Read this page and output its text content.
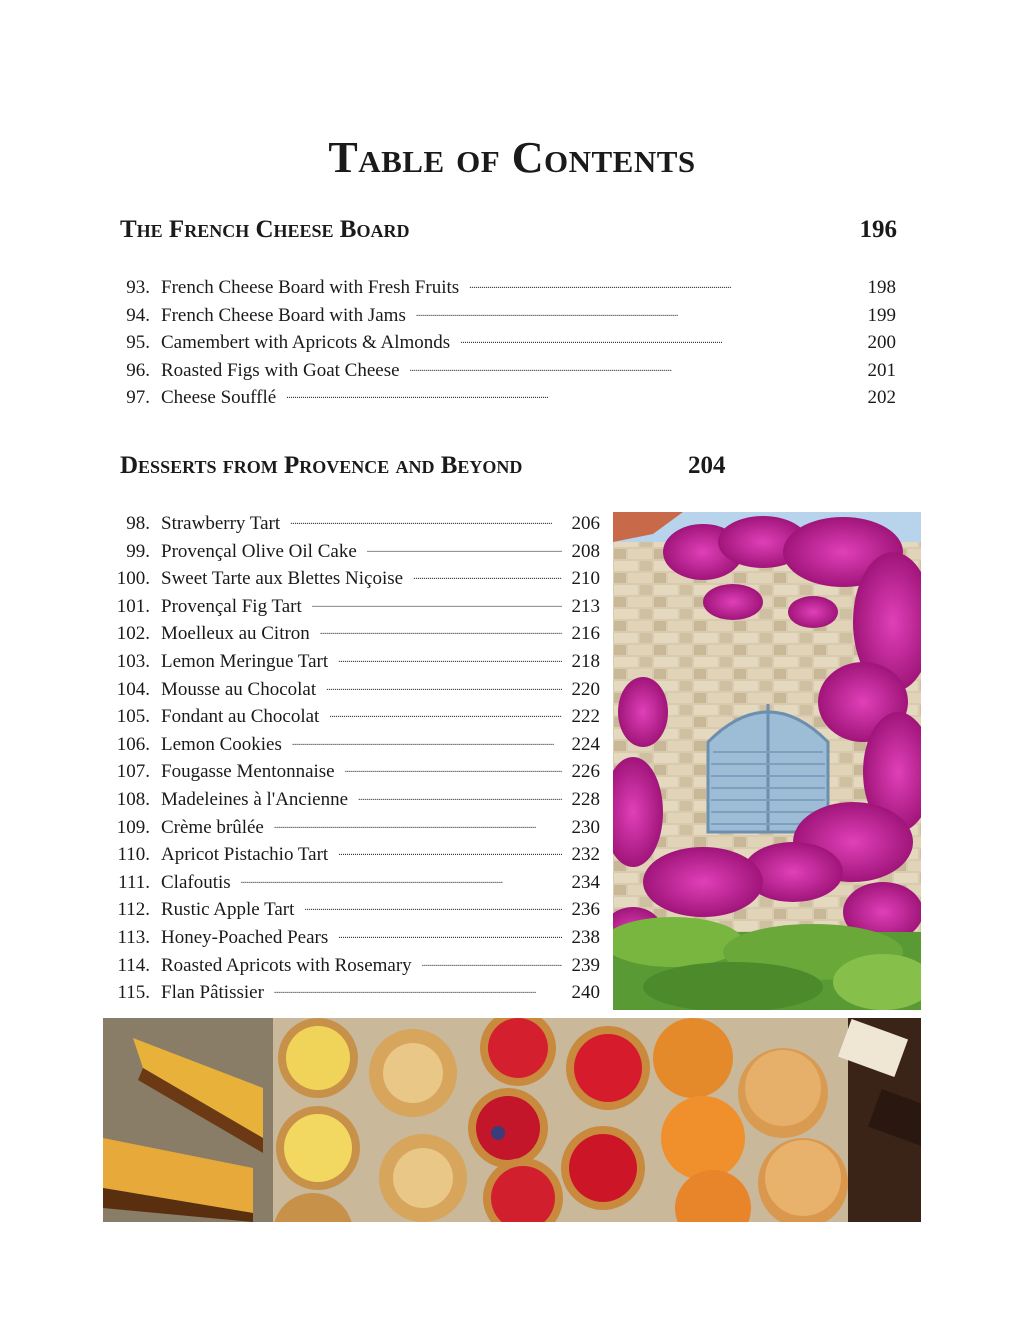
Table of Contents
The French Cheese Board	196
93. French Cheese Board with Fresh Fruits . . .	198
94. French Cheese Board with Jams . . .	199
95. Camembert with Apricots & Almonds . . .	200
96. Roasted Figs with Goat Cheese . . .	201
97. Cheese Soufflé . . .	202
Desserts from Provence and Beyond	204
98. Strawberry Tart . . .	206
99. Provençal Olive Oil Cake . . .	208
100. Sweet Tarte aux Blettes Niçoise . . .	210
101. Provençal Fig Tart . . .	213
102. Moelleux au Citron . . .	216
103. Lemon Meringue Tart . . .	218
104. Mousse au Chocolat . . .	220
105. Fondant au Chocolat . . .	222
106. Lemon Cookies . . .	224
107. Fougasse Mentonnaise . . .	226
108. Madeleines à l'Ancienne . . .	228
109. Crème brûlée . . .	230
110. Apricot Pistachio Tart . . .	232
111. Clafoutis . . .	234
112. Rustic Apple Tart . . .	236
113. Honey-Poached Pears . . .	238
114. Roasted Apricots with Rosemary . . .	239
115. Flan Pâtissier . . .	240
